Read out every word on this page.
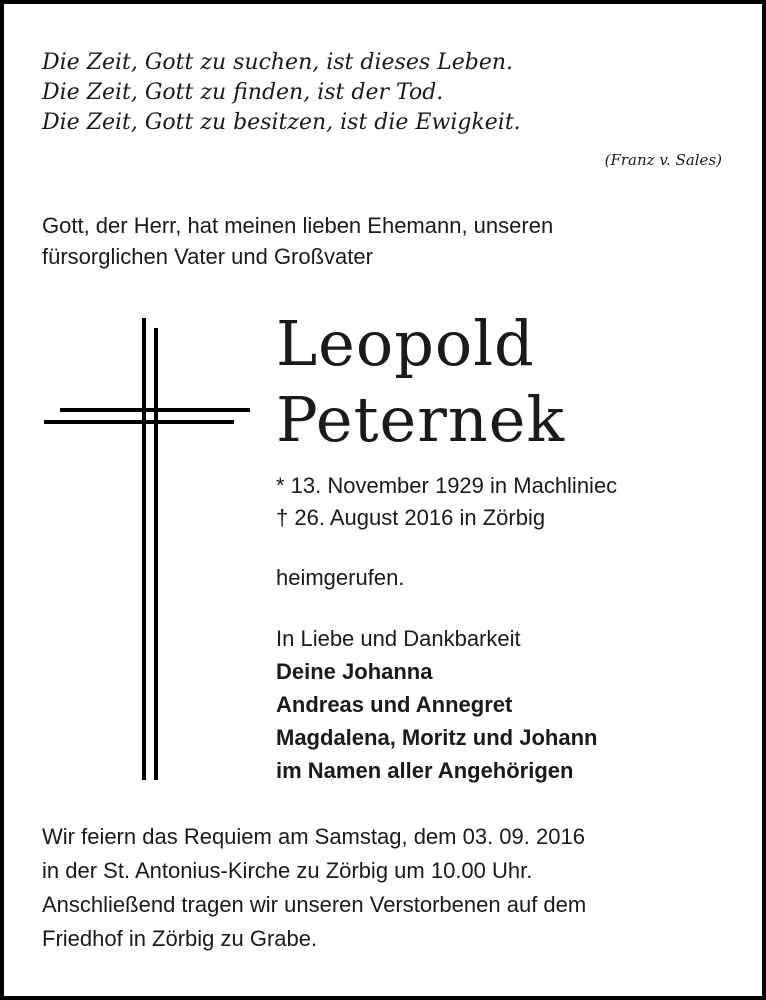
Die Zeit, Gott zu suchen, ist dieses Leben.
Die Zeit, Gott zu finden, ist der Tod.
Die Zeit, Gott zu besitzen, ist die Ewigkeit.
(Franz v. Sales)
Gott, der Herr, hat meinen lieben Ehemann, unseren
fürsorglichen Vater und Großvater
Leopold
Peternek
* 13. November 1929 in Machliniec
† 26. August 2016 in Zörbig
heimgerufen.
In Liebe und Dankbarkeit
Deine Johanna
Andreas und Annegret
Magdalena, Moritz und Johann
im Namen aller Angehörigen
Wir feiern das Requiem am Samstag, dem 03. 09. 2016
in der St. Antonius-Kirche zu Zörbig um 10.00 Uhr.
Anschließend tragen wir unseren Verstorbenen auf dem
Friedhof in Zörbig zu Grabe.
